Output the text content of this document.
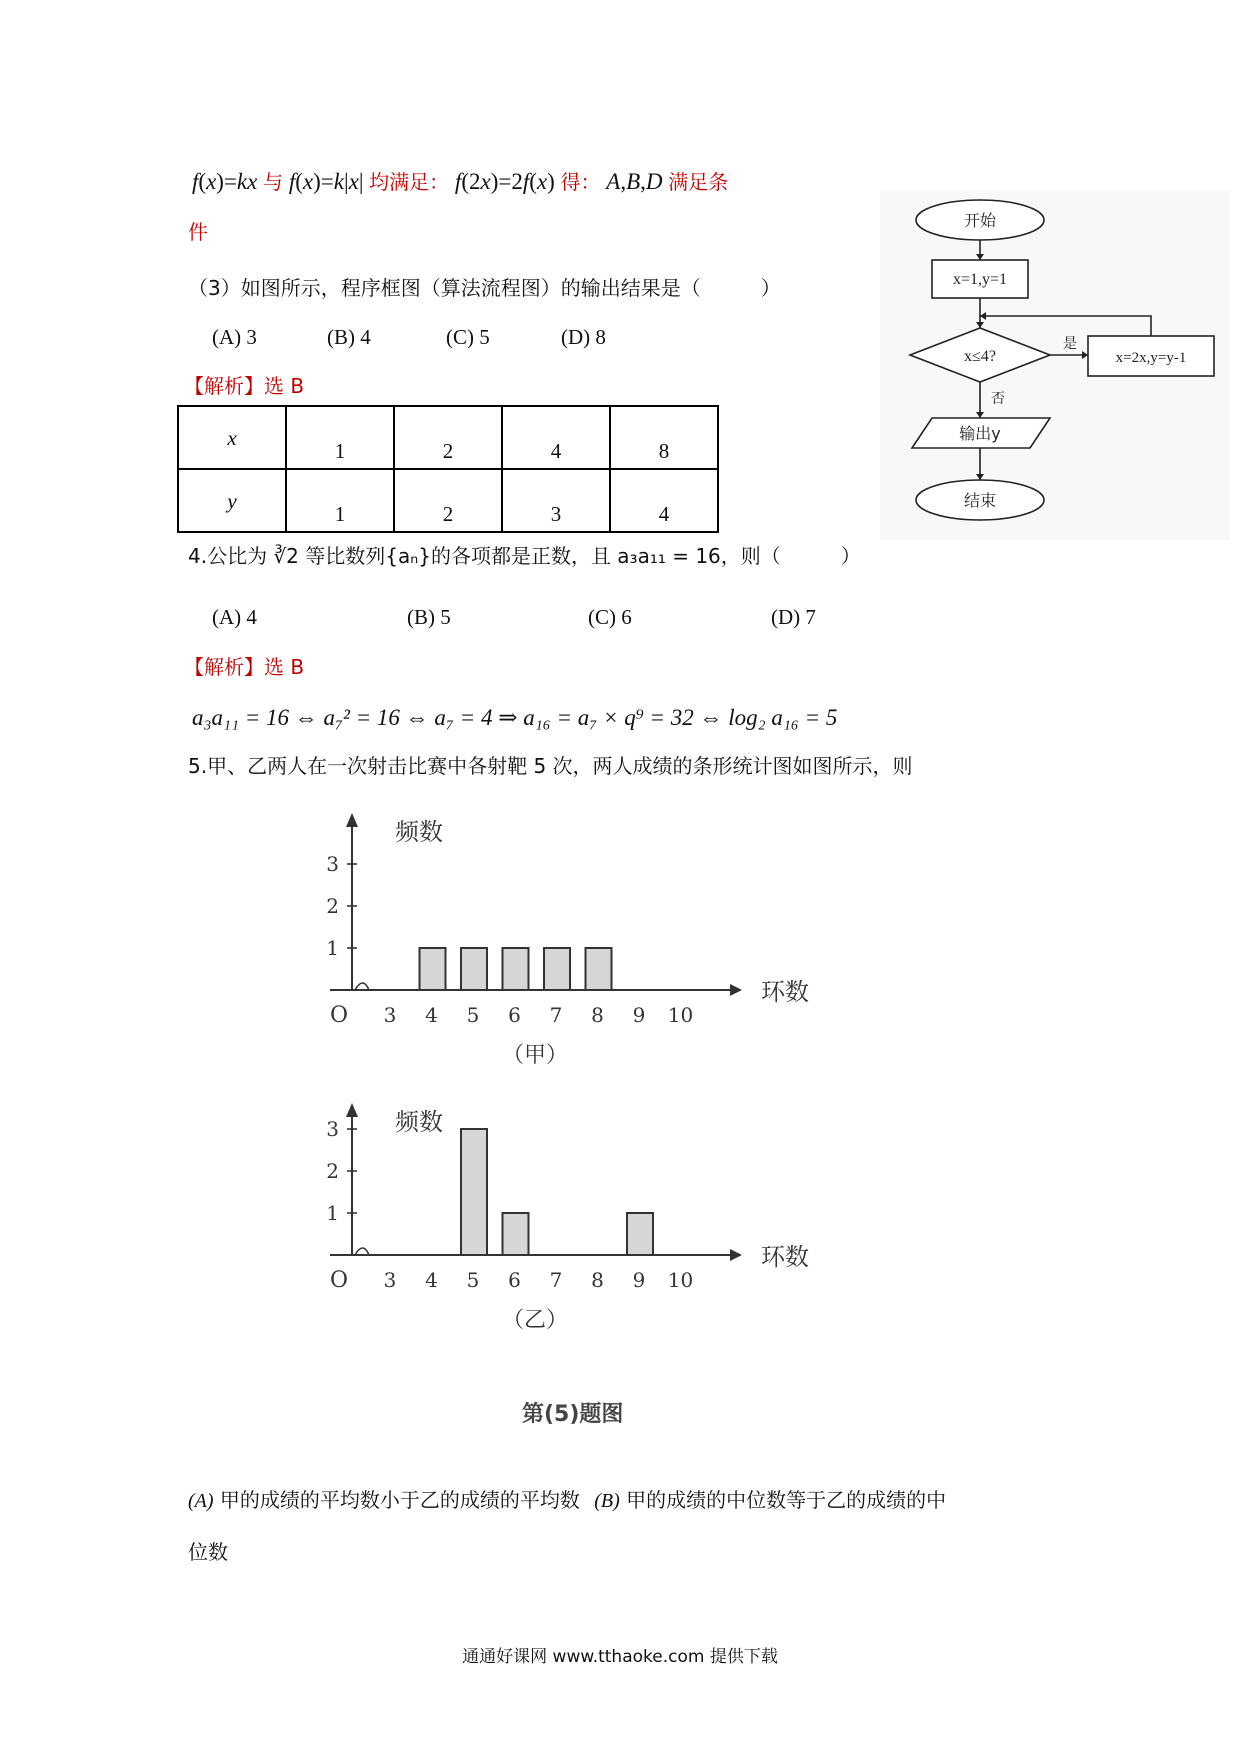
f(x)=kx 与 f(x)=k|x| 均满足： f(2x)=2f(x) 得： A,B,D 满足条
件
（3）如图所示，程序框图（算法流程图）的输出结果是（　　　）
(A) 3	(B) 4	(C) 5	(D) 8
【解析】选 B
x	1	2	4	8
y	1	2	3	4
开始
x=1,y=1
x≤4?
是
x=2x,y=y-1
否
输出y
结束
4.公比为 ∛2 等比数列{aₙ}的各项都是正数，且 a₃a₁₁ = 16，则（　　　）
(A) 4	(B) 5	(C) 6	(D) 7
【解析】选 B
a₃a₁₁ = 16 ⇔ a₇² = 16 ⇔ a₇ = 4 ⇒ a₁₆ = a₇ × q⁹ = 32 ⇔ log₂ a₁₆ = 5
5.甲、乙两人在一次射击比赛中各射靶 5 次，两人成绩的条形统计图如图所示，则
频数
环数
O
1
2
3
3 4 5 6 7 8 9 10
（甲）
频数
环数
O
1
2
3
3 4 5 6 7 8 9 10
（乙）
第(5)题图
(A) 甲的成绩的平均数小于乙的成绩的平均数 (B) 甲的成绩的中位数等于乙的成绩的中
位数
通通好课网 www.tthaoke.com 提供下载
